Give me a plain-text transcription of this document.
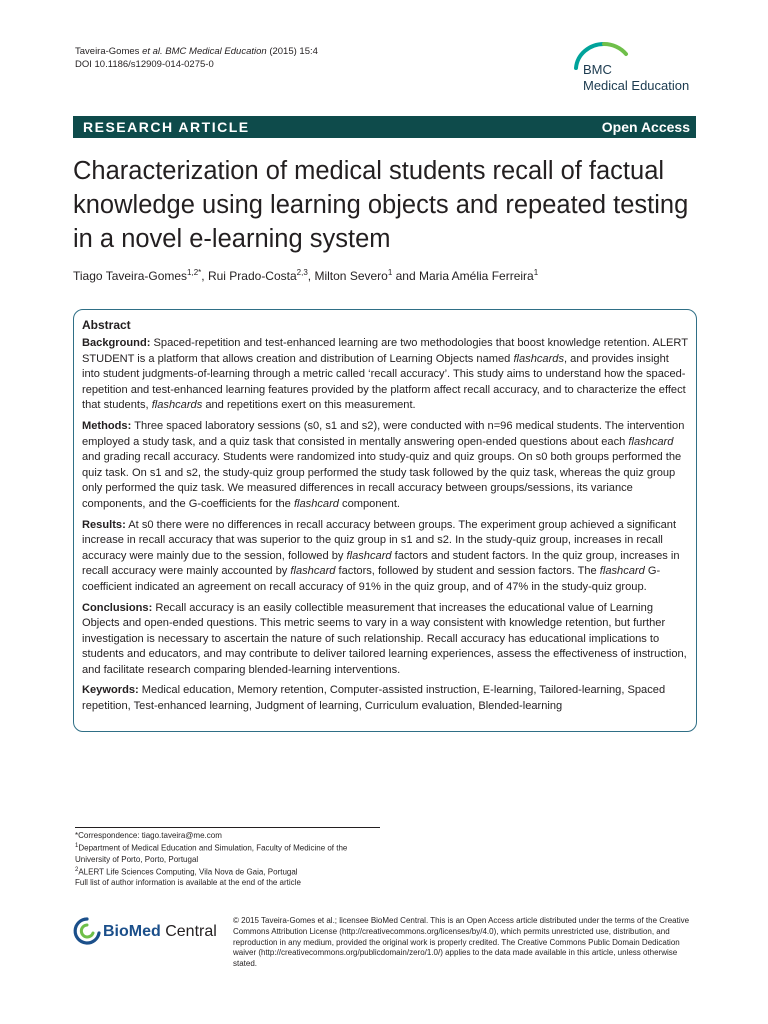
Taveira-Gomes et al. BMC Medical Education (2015) 15:4
DOI 10.1186/s12909-014-0275-0	BMC
Medical Education
RESEARCH ARTICLE	Open Access
Characterization of medical students recall of factual knowledge using learning objects and repeated testing in a novel e-learning system
Tiago Taveira-Gomes$^{1,2*}$, Rui Prado-Costa$^{2,3}$, Milton Severo$^1$ and Maria Amélia Ferreira$^1$
Abstract

Background: Spaced-repetition and test-enhanced learning are two methodologies that boost knowledge retention. ALERT STUDENT is a platform that allows creation and distribution of Learning Objects named flashcards, and provides insight into student judgments-of-learning through a metric called ‘recall accuracy’. This study aims to understand how the spaced-repetition and test-enhanced learning features provided by the platform affect recall accuracy, and to characterize the effect that students, flashcards and repetitions exert on this measurement.

Methods: Three spaced laboratory sessions (s0, s1 and s2), were conducted with n=96 medical students. The intervention employed a study task, and a quiz task that consisted in mentally answering open-ended questions about each flashcard and grading recall accuracy. Students were randomized into study-quiz and quiz groups. On s0 both groups performed the quiz task. On s1 and s2, the study-quiz group performed the study task followed by the quiz task, whereas the quiz group only performed the quiz task. We measured differences in recall accuracy between groups/sessions, its variance components, and the G-coefficients for the flashcard component.

Results: At s0 there were no differences in recall accuracy between groups. The experiment group achieved a significant increase in recall accuracy that was superior to the quiz group in s1 and s2. In the study-quiz group, increases in recall accuracy were mainly due to the session, followed by flashcard factors and student factors. In the quiz group, increases in recall accuracy were mainly accounted by flashcard factors, followed by student and session factors. The flashcard G-coefficient indicated an agreement on recall accuracy of 91% in the quiz group, and of 47% in the study-quiz group.

Conclusions: Recall accuracy is an easily collectible measurement that increases the educational value of Learning Objects and open-ended questions. This metric seems to vary in a way consistent with knowledge retention, but further investigation is necessary to ascertain the nature of such relationship. Recall accuracy has educational implications to students and educators, and may contribute to deliver tailored learning experiences, assess the effectiveness of instruction, and facilitate research comparing blended-learning interventions.

Keywords: Medical education, Memory retention, Computer-assisted instruction, E-learning, Tailored-learning, Spaced repetition, Test-enhanced learning, Judgment of learning, Curriculum evaluation, Blended-learning

*Correspondence: tiago.taveira@me.com
$^1$Department of Medical Education and Simulation, Faculty of Medicine of the University of Porto, Porto, Portugal
$^2$ALERT Life Sciences Computing, Vila Nova de Gaia, Portugal
Full list of author information is available at the end of the article
BioMed Central
© 2015 Taveira-Gomes et al.; licensee BioMed Central. This is an Open Access article distributed under the terms of the Creative Commons Attribution License (http://creativecommons.org/licenses/by/4.0), which permits unrestricted use, distribution, and reproduction in any medium, provided the original work is properly credited. The Creative Commons Public Domain Dedication waiver (http://creativecommons.org/publicdomain/zero/1.0/) applies to the data made available in this article, unless otherwise stated.
